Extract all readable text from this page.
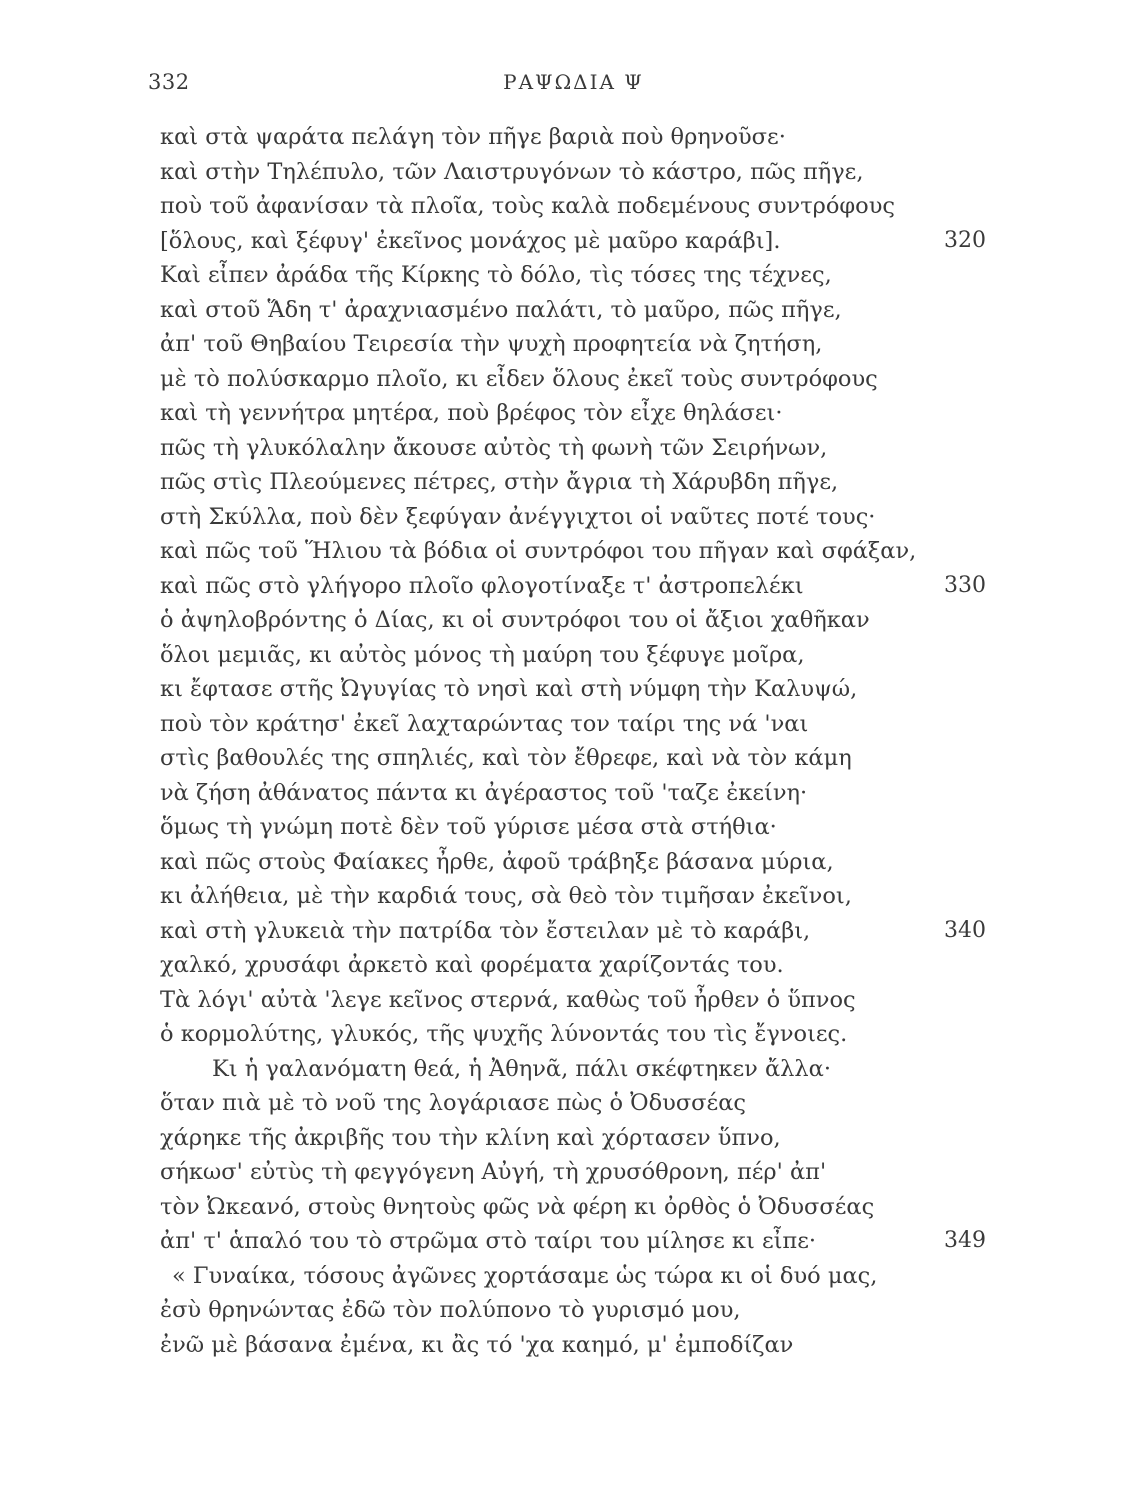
332	ΡΑΨΩΔΙΑ Ψ
καὶ στὰ ψαράτα πελάγη τὸν πῆγε βαριὰ ποὺ θρηνοῦσε·
καὶ στὴν Τηλέπυλο, τῶν Λαιστρυγόνων τὸ κάστρο, πῶς πῆγε,
ποὺ τοῦ ἀφανίσαν τὰ πλοῖα, τοὺς καλὰ ποδεμένους συντρόφους
[ὅλους, καὶ ξέφυγ' ἐκεῖνος μονάχος μὲ μαῦρο καράβι].	320
Καὶ εἶπεν ἀράδα τῆς Κίρκης τὸ δόλο, τὶς τόσες της τέχνες,
καὶ στοῦ Ἅδη τ' ἀραχνιασμένο παλάτι, τὸ μαῦρο, πῶς πῆγε,
ἀπ' τοῦ Θηβαίου Τειρεσία τὴν ψυχὴ προφητεία νὰ ζητήση,
μὲ τὸ πολύσκαρμο πλοῖο, κι εἶδεν ὅλους ἐκεῖ τοὺς συντρόφους
καὶ τὴ γεννήτρα μητέρα, ποὺ βρέφος τὸν εἶχε θηλάσει·
πῶς τὴ γλυκόλαλην ἄκουσε αὐτὸς τὴ φωνὴ τῶν Σειρήνων,
πῶς στὶς Πλεούμενες πέτρες, στὴν ἄγρια τὴ Χάρυβδη πῆγε,
στὴ Σκύλλα, ποὺ δὲν ξεφύγαν ἀνέγγιχτοι οἱ ναῦτες ποτέ τους·
καὶ πῶς τοῦ Ἥλιου τὰ βόδια οἱ συντρόφοι του πῆγαν καὶ σφάξαν,
καὶ πῶς στὸ γλήγορο πλοῖο φλογοτίναξε τ' ἀστροπελέκι	330
ὁ ἀψηλοβρόντης ὁ Δίας, κι οἱ συντρόφοι του οἱ ἄξιοι χαθῆκαν
ὅλοι μεμιᾶς, κι αὐτὸς μόνος τὴ μαύρη του ξέφυγε μοῖρα,
κι ἔφτασε στῆς Ὠγυγίας τὸ νησὶ καὶ στὴ νύμφη τὴν Καλυψώ,
ποὺ τὸν κράτησ' ἐκεῖ λαχταρώντας τον ταίρι της νά 'ναι
στὶς βαθουλές της σπηλιές, καὶ τὸν ἔθρεφε, καὶ νὰ τὸν κάμη
νὰ ζήση ἀθάνατος πάντα κι ἀγέραστος τοῦ 'ταζε ἐκείνη·
ὅμως τὴ γνώμη ποτὲ δὲν τοῦ γύρισε μέσα στὰ στήθια·
καὶ πῶς στοὺς Φαίακες ἦρθε, ἀφοῦ τράβηξε βάσανα μύρια,
κι ἀλήθεια, μὲ τὴν καρδιά τους, σὰ θεὸ τὸν τιμῆσαν ἐκεῖνοι,
καὶ στὴ γλυκειὰ τὴν πατρίδα τὸν ἔστειλαν μὲ τὸ καράβι,	340
χαλκό, χρυσάφι ἀρκετὸ καὶ φορέματα χαρίζοντάς του.
Τὰ λόγι' αὐτὰ 'λεγε κεῖνος στερνά, καθὼς τοῦ ἦρθεν ὁ ὕπνος
ὁ κορμολύτης, γλυκός, τῆς ψυχῆς λύνοντάς του τὶς ἔγνοιες.
Κι ἡ γαλανόματη θεά, ἡ Ἀθηνᾶ, πάλι σκέφτηκεν ἄλλα·
ὅταν πιὰ μὲ τὸ νοῦ της λογάριασε πὼς ὁ Ὀδυσσέας
χάρηκε τῆς ἀκριβῆς του τὴν κλίνη καὶ χόρτασεν ὕπνο,
σήκωσ' εὐτὺς τὴ φεγγόγενη Αὐγή, τὴ χρυσόθρονη, πέρ' ἀπ'
τὸν Ὠκεανό, στοὺς θνητοὺς φῶς νὰ φέρη κι ὀρθὸς ὁ Ὀδυσσέας
ἀπ' τ' ἁπαλό του τὸ στρῶμα στὸ ταίρι του μίλησε κι εἶπε·	349
« Γυναίκα, τόσους ἀγῶνες χορτάσαμε ὡς τώρα κι οἱ δυό μας,
ἐσὺ θρηνώντας ἐδῶ τὸν πολύπονο τὸ γυρισμό μου,
ἐνῶ μὲ βάσανα ἐμένα, κι ἂς τό 'χα καημό, μ' ἐμποδίζαν
